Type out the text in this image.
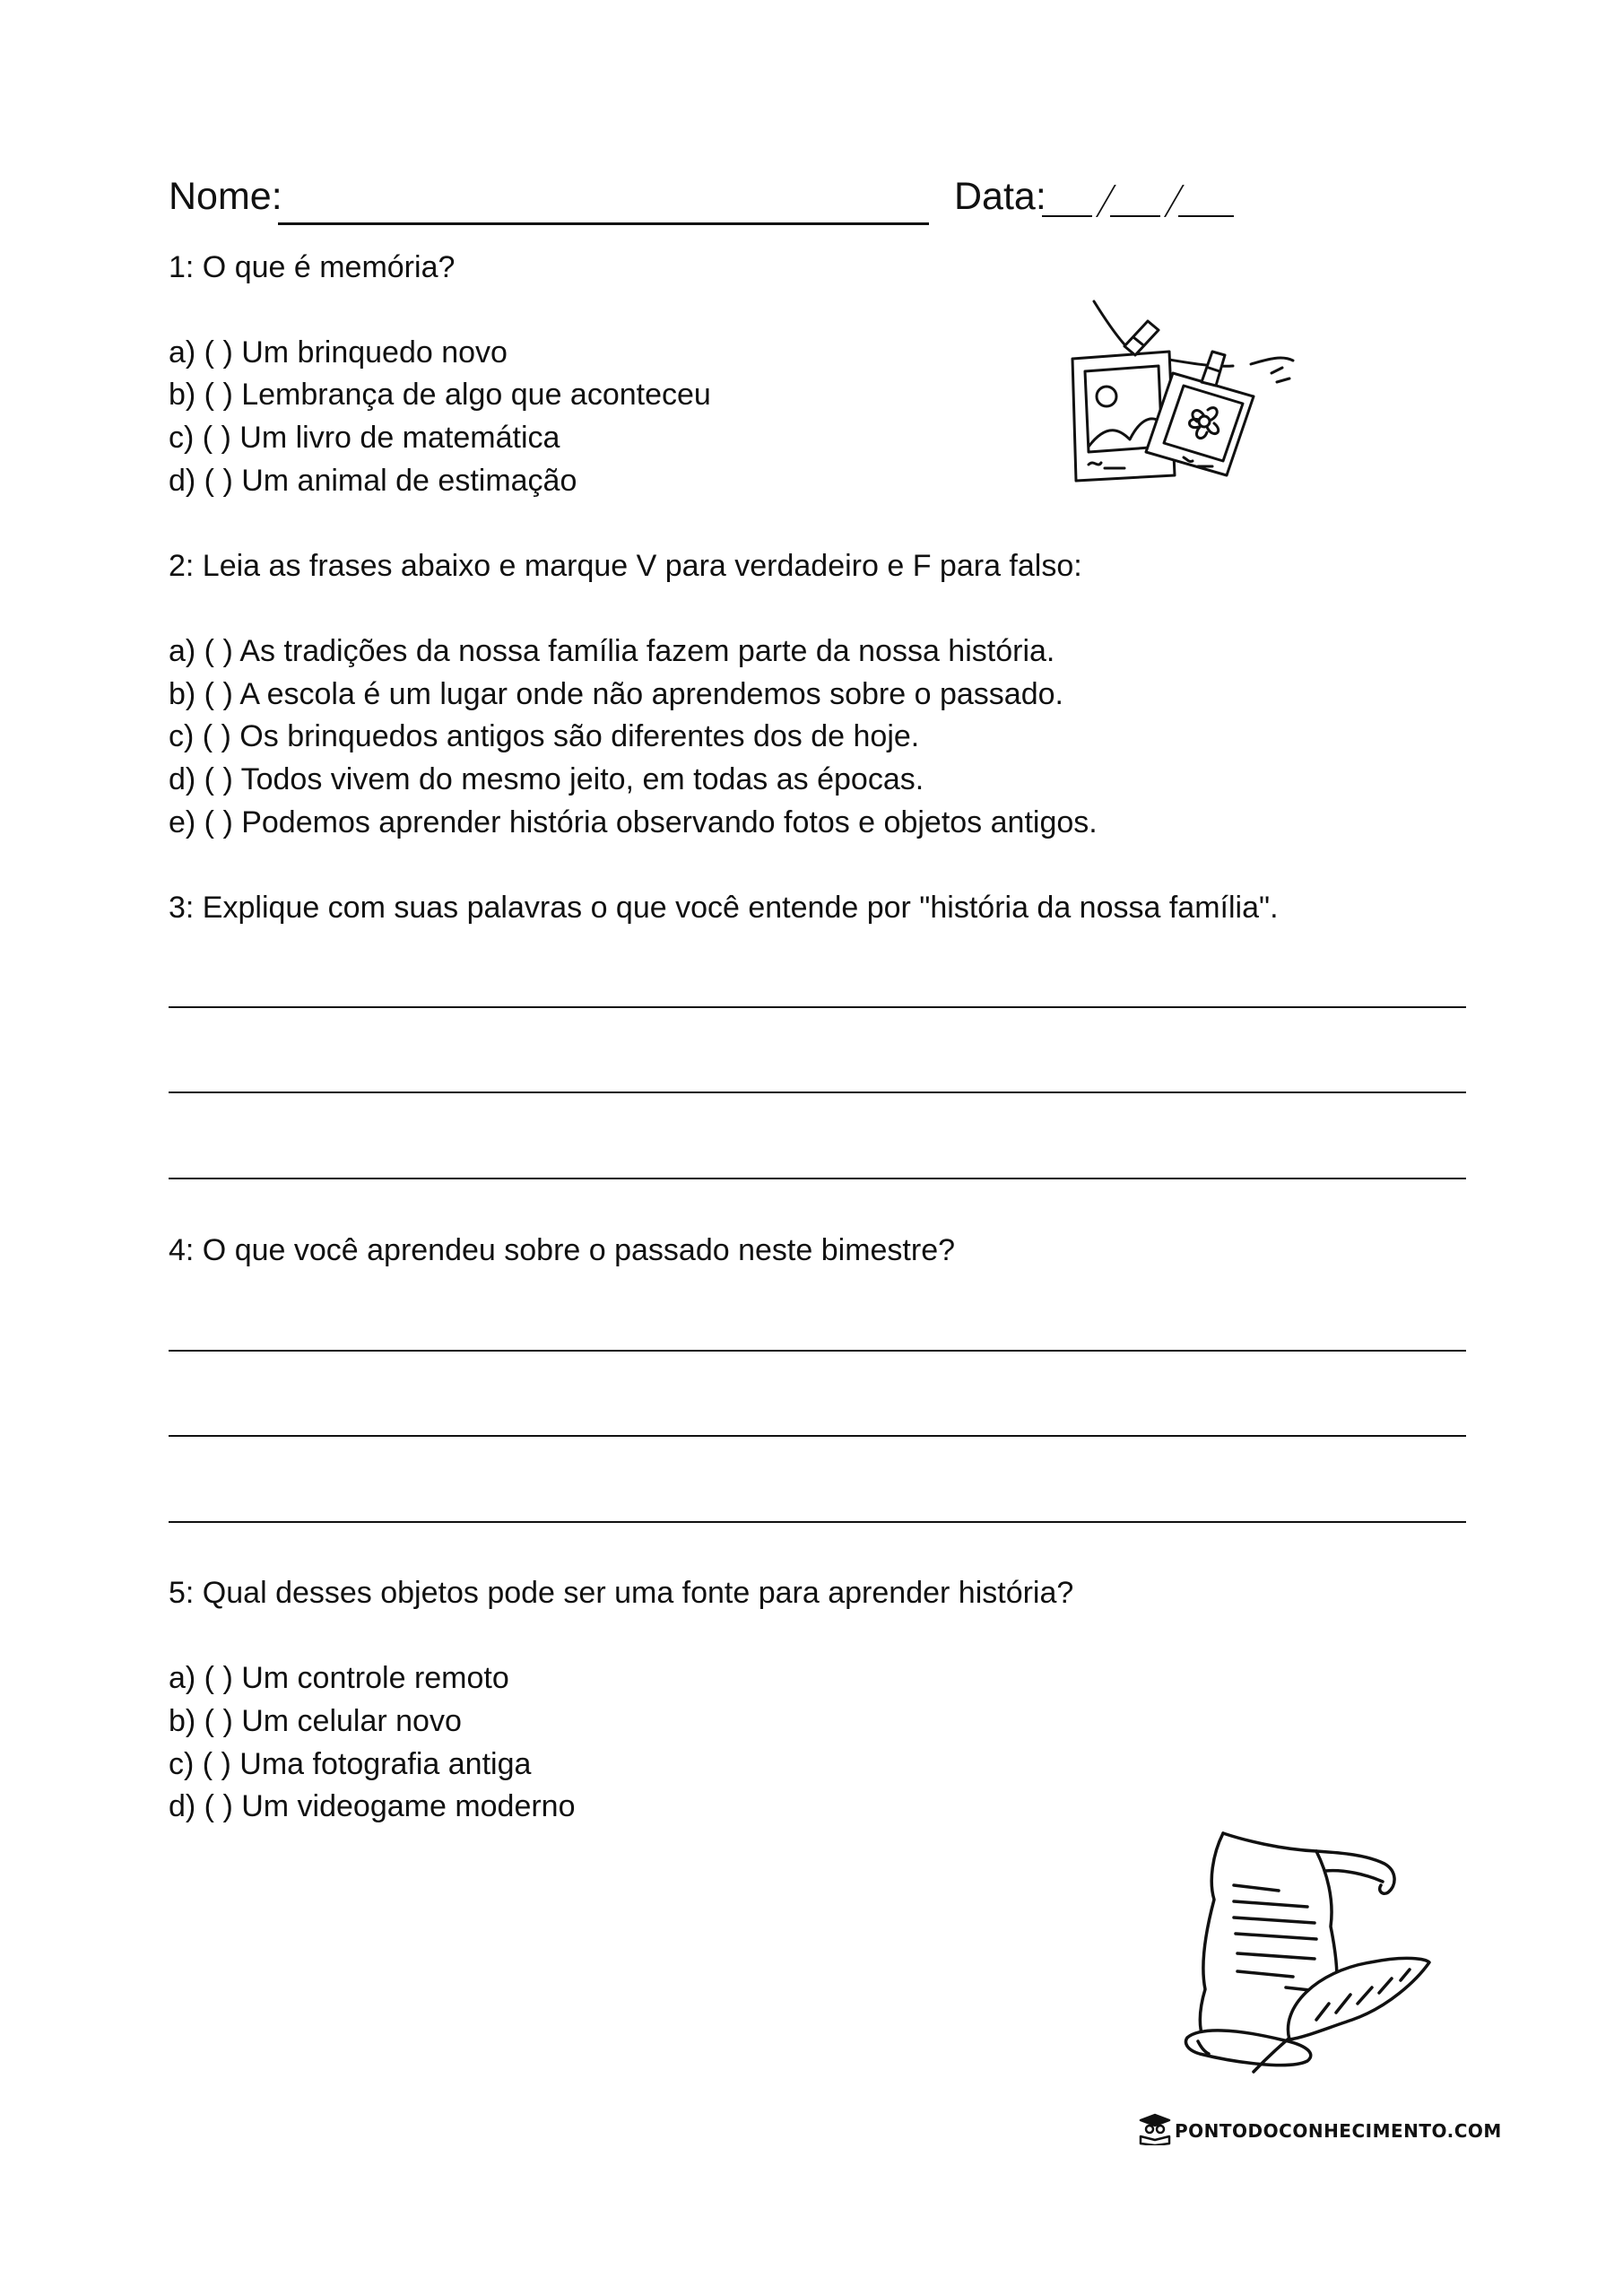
Nome:	Data:
1: O que é memória?
a) ( ) Um brinquedo novo
b) ( ) Lembrança de algo que aconteceu
c) ( ) Um livro de matemática
d) ( ) Um animal de estimação
2: Leia as frases abaixo e marque V para verdadeiro e F para falso:
a) ( ) As tradições da nossa família fazem parte da nossa história.
b) ( ) A escola é um lugar onde não aprendemos sobre o passado.
c) ( ) Os brinquedos antigos são diferentes dos de hoje.
d) ( ) Todos vivem do mesmo jeito, em todas as épocas.
e) ( ) Podemos aprender história observando fotos e objetos antigos.
3: Explique com suas palavras o que você entende por "história da nossa família".
4: O que você aprendeu sobre o passado neste bimestre?
5: Qual desses objetos pode ser uma fonte para aprender história?
a) ( ) Um controle remoto
b) ( ) Um celular novo
c) ( ) Uma fotografia antiga
d) ( ) Um videogame moderno
PONTODOCONHECIMENTO.COM
